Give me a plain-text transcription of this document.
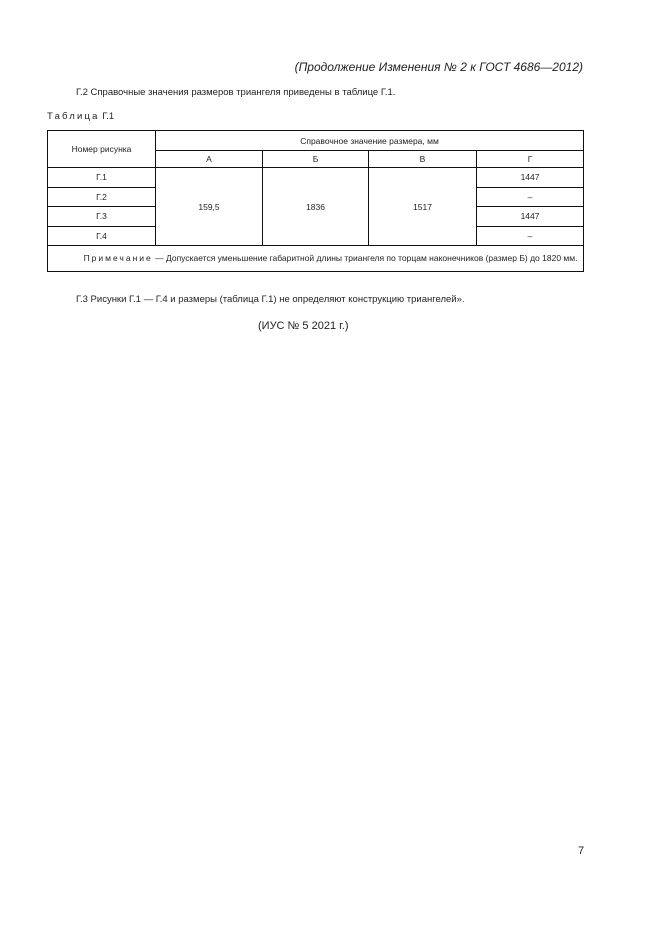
(Продолжение Изменения № 2 к ГОСТ 4686—2012)
Г.2 Справочные значения размеров триангеля приведены в таблице Г.1.
Таблица Г.1
Номер рисунка	Справочное значение размера, мм			
	А	Б	В	Г
Г.1	159,5	1836	1517	1447
Г.2				–
Г.3				1447
Г.4				–
Примечание — Допускается уменьшение габаритной длины триангеля по торцам наконечников (размер Б) до 1820 мм.				
Г.3 Рисунки Г.1 — Г.4 и размеры (таблица Г.1) не определяют конструкцию триангелей».
(ИУС № 5 2021 г.)
7
